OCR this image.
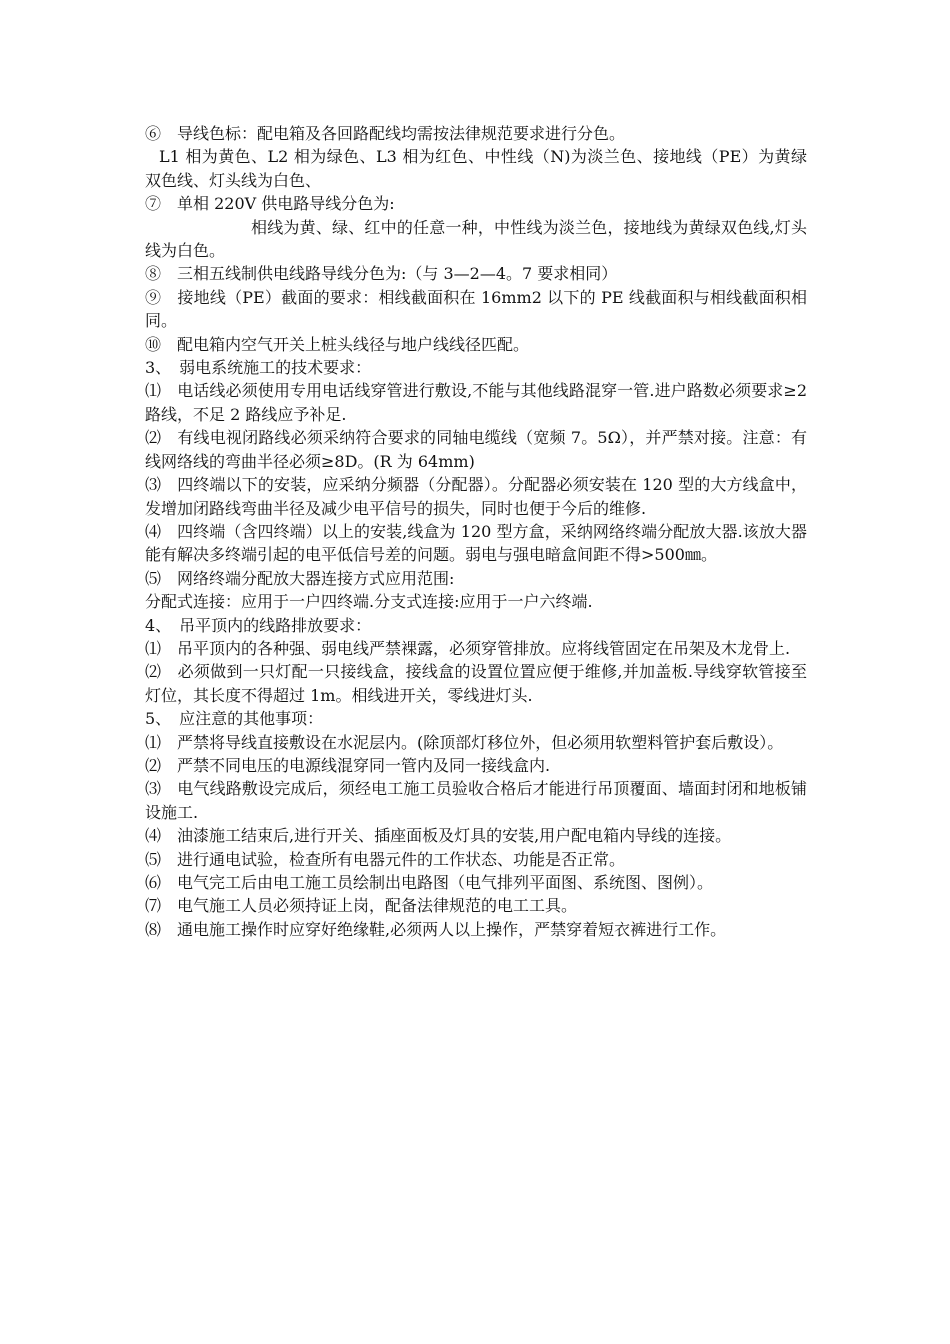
⑥　导线色标：配电箱及各回路配线均需按法律规范要求进行分色。
L1 相为黄色、L2 相为绿色、L3 相为红色、中性线（N)为淡兰色、接地线（PE）为黄绿双色线、灯头线为白色、
⑦　单相 220V 供电路导线分色为:
相线为黄、绿、红中的任意一种，中性线为淡兰色，接地线为黄绿双色线,灯头线为白色。
⑧　三相五线制供电线路导线分色为:（与 3—2—4。7 要求相同）
⑨　接地线（PE）截面的要求：相线截面积在 16mm2 以下的 PE 线截面积与相线截面积相同。
⑩　配电箱内空气开关上桩头线径与地户线线径匹配。
3、　弱电系统施工的技术要求：
⑴　电话线必须使用专用电话线穿管进行敷设,不能与其他线路混穿一管.进户路数必须要求≥2 路线，不足 2 路线应予补足.
⑵　有线电视闭路线必须采纳符合要求的同轴电缆线（宽频 7。5Ω），并严禁对接。注意：有线网络线的弯曲半径必须≥8D。(R 为 64mm)
⑶　四终端以下的安装，应采纳分频器（分配器）。分配器必须安装在 120 型的大方线盒中，发增加闭路线弯曲半径及减少电平信号的损失，同时也便于今后的维修.
⑷　四终端（含四终端）以上的安装,线盒为 120 型方盒，采纳网络终端分配放大器.该放大器能有解决多终端引起的电平低信号差的问题。弱电与强电暗盒间距不得>500㎜。
⑸　网络终端分配放大器连接方式应用范围:
分配式连接：应用于一户四终端.分支式连接:应用于一户六终端.
4、　吊平顶内的线路排放要求：
⑴　吊平顶内的各种强、弱电线严禁裸露，必须穿管排放。应将线管固定在吊架及木龙骨上.
⑵　必须做到一只灯配一只接线盒，接线盒的设置位置应便于维修,并加盖板.导线穿软管接至灯位，其长度不得超过 1m。相线进开关，零线进灯头.
5、　应注意的其他事项：
⑴　严禁将导线直接敷设在水泥层内。(除顶部灯移位外，但必须用软塑料管护套后敷设）。
⑵　严禁不同电压的电源线混穿同一管内及同一接线盒内.
⑶　电气线路敷设完成后，须经电工施工员验收合格后才能进行吊顶覆面、墙面封闭和地板铺设施工.
⑷　油漆施工结束后,进行开关、插座面板及灯具的安装,用户配电箱内导线的连接。
⑸　进行通电试验，检查所有电器元件的工作状态、功能是否正常。
⑹　电气完工后由电工施工员绘制出电路图（电气排列平面图、系统图、图例）。
⑺　电气施工人员必须持证上岗，配备法律规范的电工工具。
⑻　通电施工操作时应穿好绝缘鞋,必须两人以上操作，严禁穿着短衣裤进行工作。
